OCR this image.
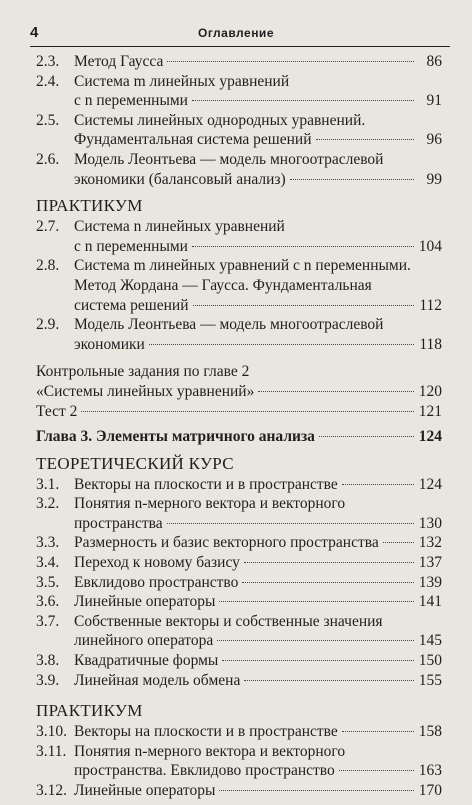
4	Оглавление
2.3. Метод Гаусса	86
2.4. Система m линейных уравнений
с n переменными	91
2.5. Системы линейных однородных уравнений.
Фундаментальная система решений	96
2.6. Модель Леонтьева — модель многоотраслевой
экономики (балансовый анализ)	99
ПРАКТИКУМ
2.7. Система n линейных уравнений
с n переменными	104
2.8. Система m линейных уравнений с n переменными.
Метод Жордана — Гаусса. Фундаментальная
система решений	112
2.9. Модель Леонтьева — модель многоотраслевой
экономики	118
Контрольные задания по главе 2
«Системы линейных уравнений»	120
Тест 2	121
Глава 3. Элементы матричного анализа	124
ТЕОРЕТИЧЕСКИЙ КУРС
3.1. Векторы на плоскости и в пространстве	124
3.2. Понятия n-мерного вектора и векторного
пространства	130
3.3. Размерность и базис векторного пространства	132
3.4. Переход к новому базису	137
3.5. Евклидово пространство	139
3.6. Линейные операторы	141
3.7. Собственные векторы и собственные значения
линейного оператора	145
3.8. Квадратичные формы	150
3.9. Линейная модель обмена	155
ПРАКТИКУМ
3.10. Векторы на плоскости и в пространстве	158
3.11. Понятия n-мерного вектора и векторного
пространства. Евклидово пространство	163
3.12. Линейные операторы	170
